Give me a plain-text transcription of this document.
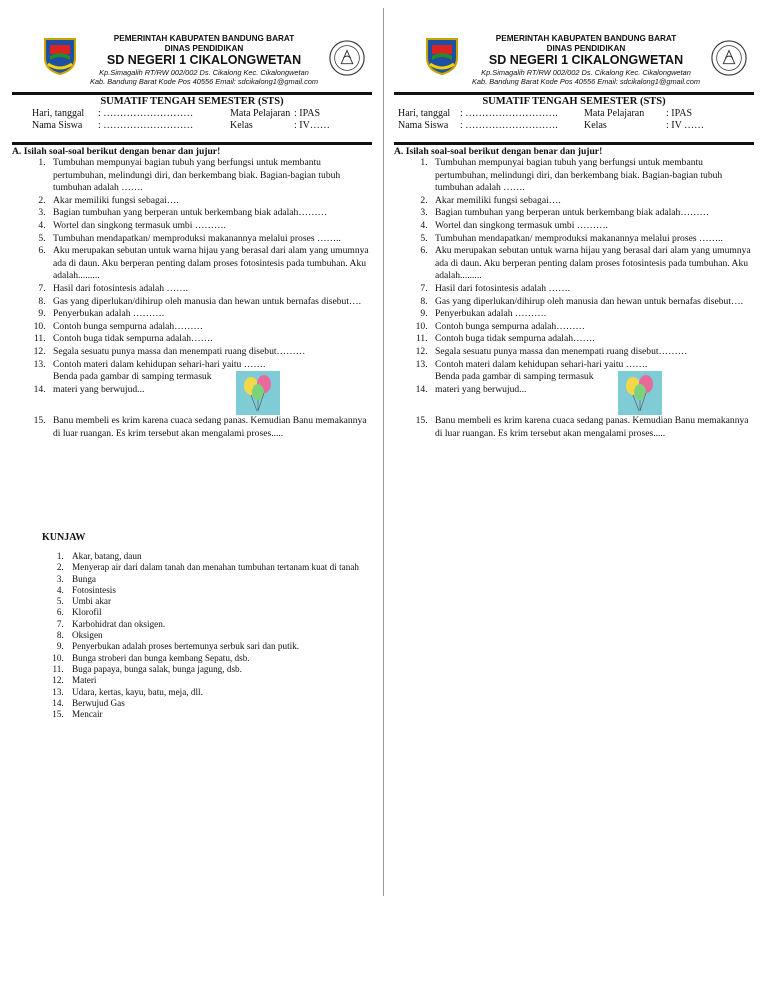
PEMERINTAH KABUPATEN BANDUNG BARAT
DINAS PENDIDIKAN
SD NEGERI 1 CIKALONGWETAN
Kp.Simagalih RT/RW 002/002 Ds. Cikalong Kec. Cikalongwetan
Kab. Bandung Barat Kode Pos 40556 Email: sdcikalong1@gmail.com
SUMATIF TENGAH SEMESTER (STS)
Hari, tanggal : ………………………	Mata Pelajaran : IPAS
Nama Siswa : ………………………	Kelas	: IV……
A. Isilah soal-soal berikut dengan benar dan jujur!
1. Tumbuhan mempunyai bagian tubuh yang berfungsi untuk membantu pertumbuhan, melindungi diri, dan berkembang biak. Bagian-bagian tubuh tumbuhan adalah …….
2. Akar memiliki fungsi sebagai….
3. Bagian tumbuhan yang berperan untuk berkembang biak adalah………
4. Wortel dan singkong termasuk umbi ……….
5. Tumbuhan mendapatkan/ memproduksi makanannya melalui proses ……..
6. Aku merupakan sebutan untuk warna hijau yang berasal dari alam yang umumnya ada di daun. Aku berperan penting dalam proses fotosintesis pada tumbuhan. Aku adalah.........
7. Hasil dari fotosintesis adalah …….
8. Gas yang diperlukan/dihirup oleh manusia dan hewan untuk bernafas disebut….
9. Penyerbukan adalah ……….
10. Contoh bunga sempurna adalah………
11. Contoh buga tidak sempurna adalah…….
12. Segala sesuatu punya massa dan menempati ruang disebut………
13. Contoh materi dalam kehidupan sehari-hari yaitu …….
14. Benda pada gambar di samping termasuk materi yang berwujud...
15. Banu membeli es krim karena cuaca sedang panas. Kemudian Banu memakannya di luar ruangan. Es krim tersebut akan mengalami proses.....
KUNJAW
1. Akar, batang, daun
2. Menyerap air dari dalam tanah dan menahan tumbuhan tertanam kuat di tanah
3. Bunga
4. Fotosintesis
5. Umbi akar
6. Klorofil
7. Karbohidrat dan oksigen.
8. Oksigen
9. Penyerbukan adalah proses bertemunya serbuk sari dan putik.
10. Bunga stroberi dan bunga kembang Sepatu, dsb.
11. Buga papaya, bunga salak, bunga jagung, dsb.
12. Materi
13. Udara, kertas, kayu, batu, meja, dll.
14. Berwujud Gas
15. Mencair
PEMERINTAH KABUPATEN BANDUNG BARAT
DINAS PENDIDIKAN
SD NEGERI 1 CIKALONGWETAN
Kp.Simagalih RT/RW 002/002 Ds. Cikalong Kec. Cikalongwetan
Kab. Bandung Barat Kode Pos 40556 Email: sdcikalong1@gmail.com
SUMATIF TENGAH SEMESTER (STS)
Hari, tanggal : ……………………….	Mata Pelajaran : IPAS
Nama Siswa : ……………………….	Kelas	: IV ……
A. Isilah soal-soal berikut dengan benar dan jujur!
1. Tumbuhan mempunyai bagian tubuh yang berfungsi untuk membantu pertumbuhan, melindungi diri, dan berkembang biak. Bagian-bagian tubuh tumbuhan adalah …….
2. Akar memiliki fungsi sebagai….
3. Bagian tumbuhan yang berperan untuk berkembang biak adalah………
4. Wortel dan singkong termasuk umbi ……….
5. Tumbuhan mendapatkan/ memproduksi makanannya melalui proses ……..
6. Aku merupakan sebutan untuk warna hijau yang berasal dari alam yang umumnya ada di daun. Aku berperan penting dalam proses fotosintesis pada tumbuhan. Aku adalah.........
7. Hasil dari fotosintesis adalah …….
8. Gas yang diperlukan/dihirup oleh manusia dan hewan untuk bernafas disebut….
9. Penyerbukan adalah ……….
10. Contoh bunga sempurna adalah………
11. Contoh buga tidak sempurna adalah…….
12. Segala sesuatu punya massa dan menempati ruang disebut………
13. Contoh materi dalam kehidupan sehari-hari yaitu …….
14. Benda pada gambar di samping termasuk materi yang berwujud...
15. Banu membeli es krim karena cuaca sedang panas. Kemudian Banu memakannya di luar ruangan. Es krim tersebut akan mengalami proses.....
